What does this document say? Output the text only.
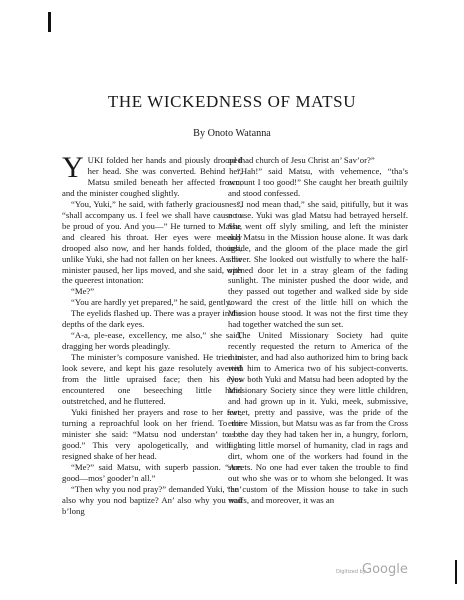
THE WICKEDNESS OF MATSU

By Onoto Watanna

YUKI folded her hands and piously drooped her head. She was converted. Behind her, Matsu smiled beneath her affected frown, and the minister coughed slightly.

“You, Yuki,” he said, with fatherly graciousness, “shall accompany us. I feel we shall have cause to be proud of you. And you—” He turned to Matsu, and cleared his throat. Her eyes were meekly drooped also now, and her hands folded, though, unlike Yuki, she had not fallen on her knees. As the minister paused, her lips moved, and she said, with the queerest intonation:

“Me?”

“You are hardly yet prepared,” he said, gently.

The eyelids flashed up. There was a prayer in the depths of the dark eyes.

“A-a, ple-ease, excellency, me also,” she said, dragging her words pleadingly.

The minister’s composure vanished. He tried to look severe, and kept his gaze resolutely averted from the little upraised face; then his eyes encountered one beseeching little hand outstretched, and he fluttered.

Yuki finished her prayers and rose to her feet, turning a reproachful look on her friend. To the minister she said: “Matsu nod understan’ to be good.” This very apologetically, and with a resigned shake of her head.

“Me?” said Matsu, with superb passion. “Am good—mos’ gooder’n all.”

“Then why you nod pray?” demanded Yuki, “an’ also why you nod baptize? An’ also why you nod b’long

ad thad church of Jesu Christ an’ Sav’or?”

“Hah!” said Matsu, with vehemence, “tha’s account I too good!” She caught her breath guiltily and stood confessed.

“I nod mean thad,” she said, pitifully, but it was no use. Yuki was glad Matsu had betrayed herself. She went off slyly smiling, and left the minister and Matsu in the Mission house alone. It was dark inside, and the gloom of the place made the girl shiver. She looked out wistfully to where the half-opened door let in a stray gleam of the fading sunlight. The minister pushed the door wide, and they passed out together and walked side by side toward the crest of the little hill on which the Mission house stood. It was not the first time they had together watched the sun set.

The United Missionary Society had quite recently requested the return to America of the minister, and had also authorized him to bring back with him to America two of his subject-converts. Now both Yuki and Matsu had been adopted by the Missionary Society since they were little children, and had grown up in it. Yuki, meek, submissive, sweet, pretty and passive, was the pride of the entire Mission, but Matsu was as far from the Cross as the day they had taken her in, a hungry, forlorn, fighting little morsel of humanity, clad in rags and dirt, whom one of the workers had found in the streets. No one had ever taken the trouble to find out who she was or to whom she belonged. It was the custom of the Mission house to take in such waifs, and moreover, it was an

Digitized by
Google
